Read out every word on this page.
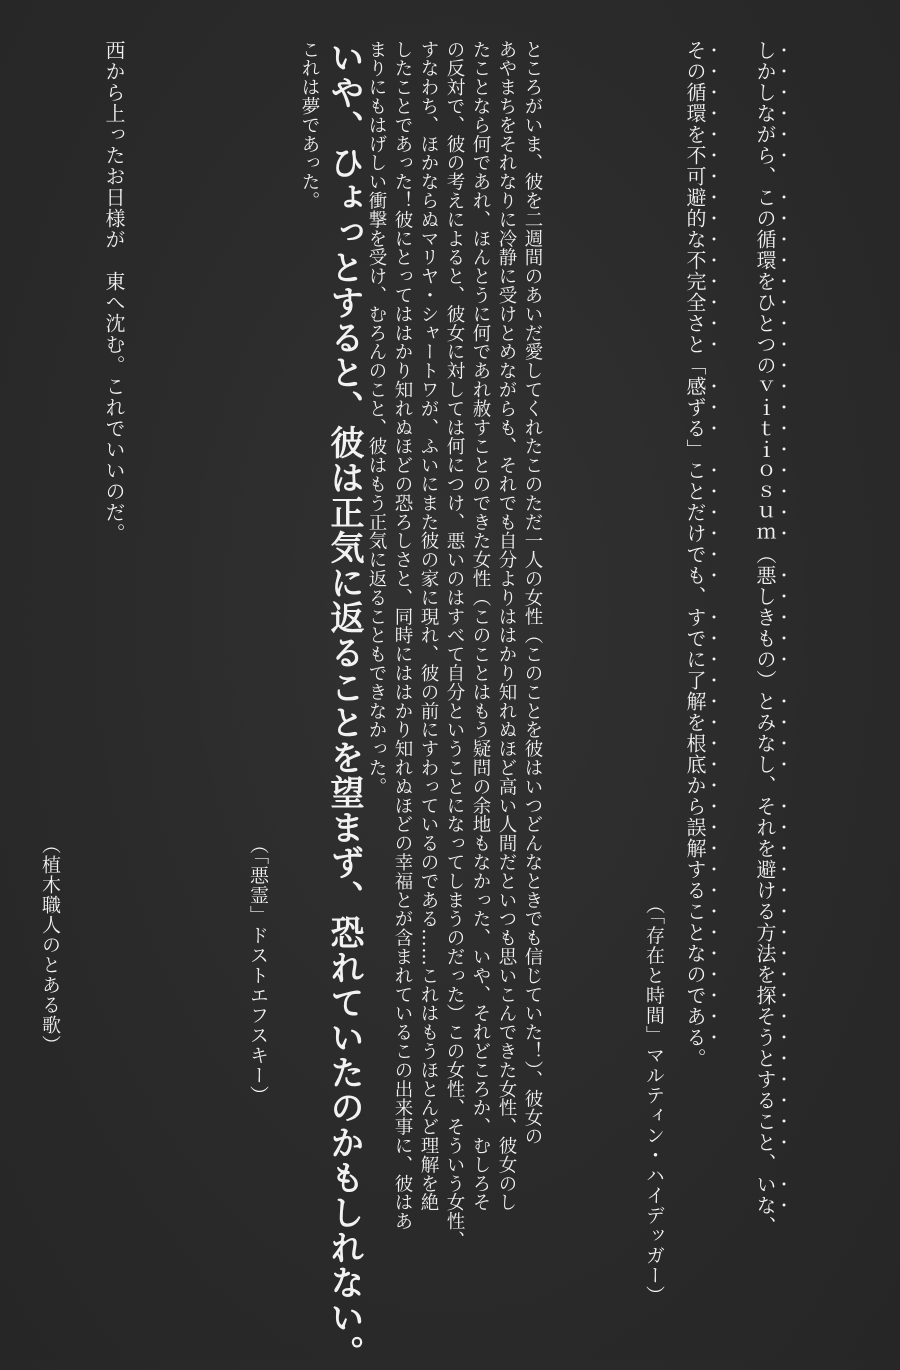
しかしながら、この循環をひとつのｖｉｔｉｏｓｕｍ（悪しきもの）とみなし、それを避ける方法を探そうとすること、いな、

その循環を不可避的な不完全さと「感ずる」ことだけでも、すでに了解を根底から誤解することなのである。

（「存在と時間」マルティン・ハイデッガー）

ところがいま、彼を二週間のあいだ愛してくれたこのただ一人の女性（このことを彼はいつどんなときでも信じていた！）、彼女の

あやまちをそれなりに冷静に受けとめながらも、それでも自分よりははかり知れぬほど高い人間だといつも思いこんできた女性、彼女のし

たことなら何であれ、ほんとうに何であれ赦すことのできた女性（このことはもう疑問の余地もなかった、いや、それどころか、むしろそ

の反対で、彼の考えによると、彼女に対しては何につけ、悪いのはすべて自分ということになってしまうのだった）この女性、そういう女性、

すなわち、ほかならぬマリヤ・シャートワが、ふいにまた彼の家に現れ、彼の前にすわっているのである……これはもうほとんど理解を絶

したことであった！彼にとってははかり知れぬほどの恐ろしさと、同時にははかり知れぬほどの幸福とが含まれているこの出来事に、彼はあ

まりにもはげしい衝撃を受け、むろんのこと、彼はもう正気に返ることもできなかった。

いや、ひょっとすると、彼は正気に返ることを望まず、恐れていたのかもしれない。

これは夢であった。

（「悪霊」ドストエフスキー）

西から上ったお日様が　東へ沈む。これでいいのだ。

（植木職人のとある歌）
